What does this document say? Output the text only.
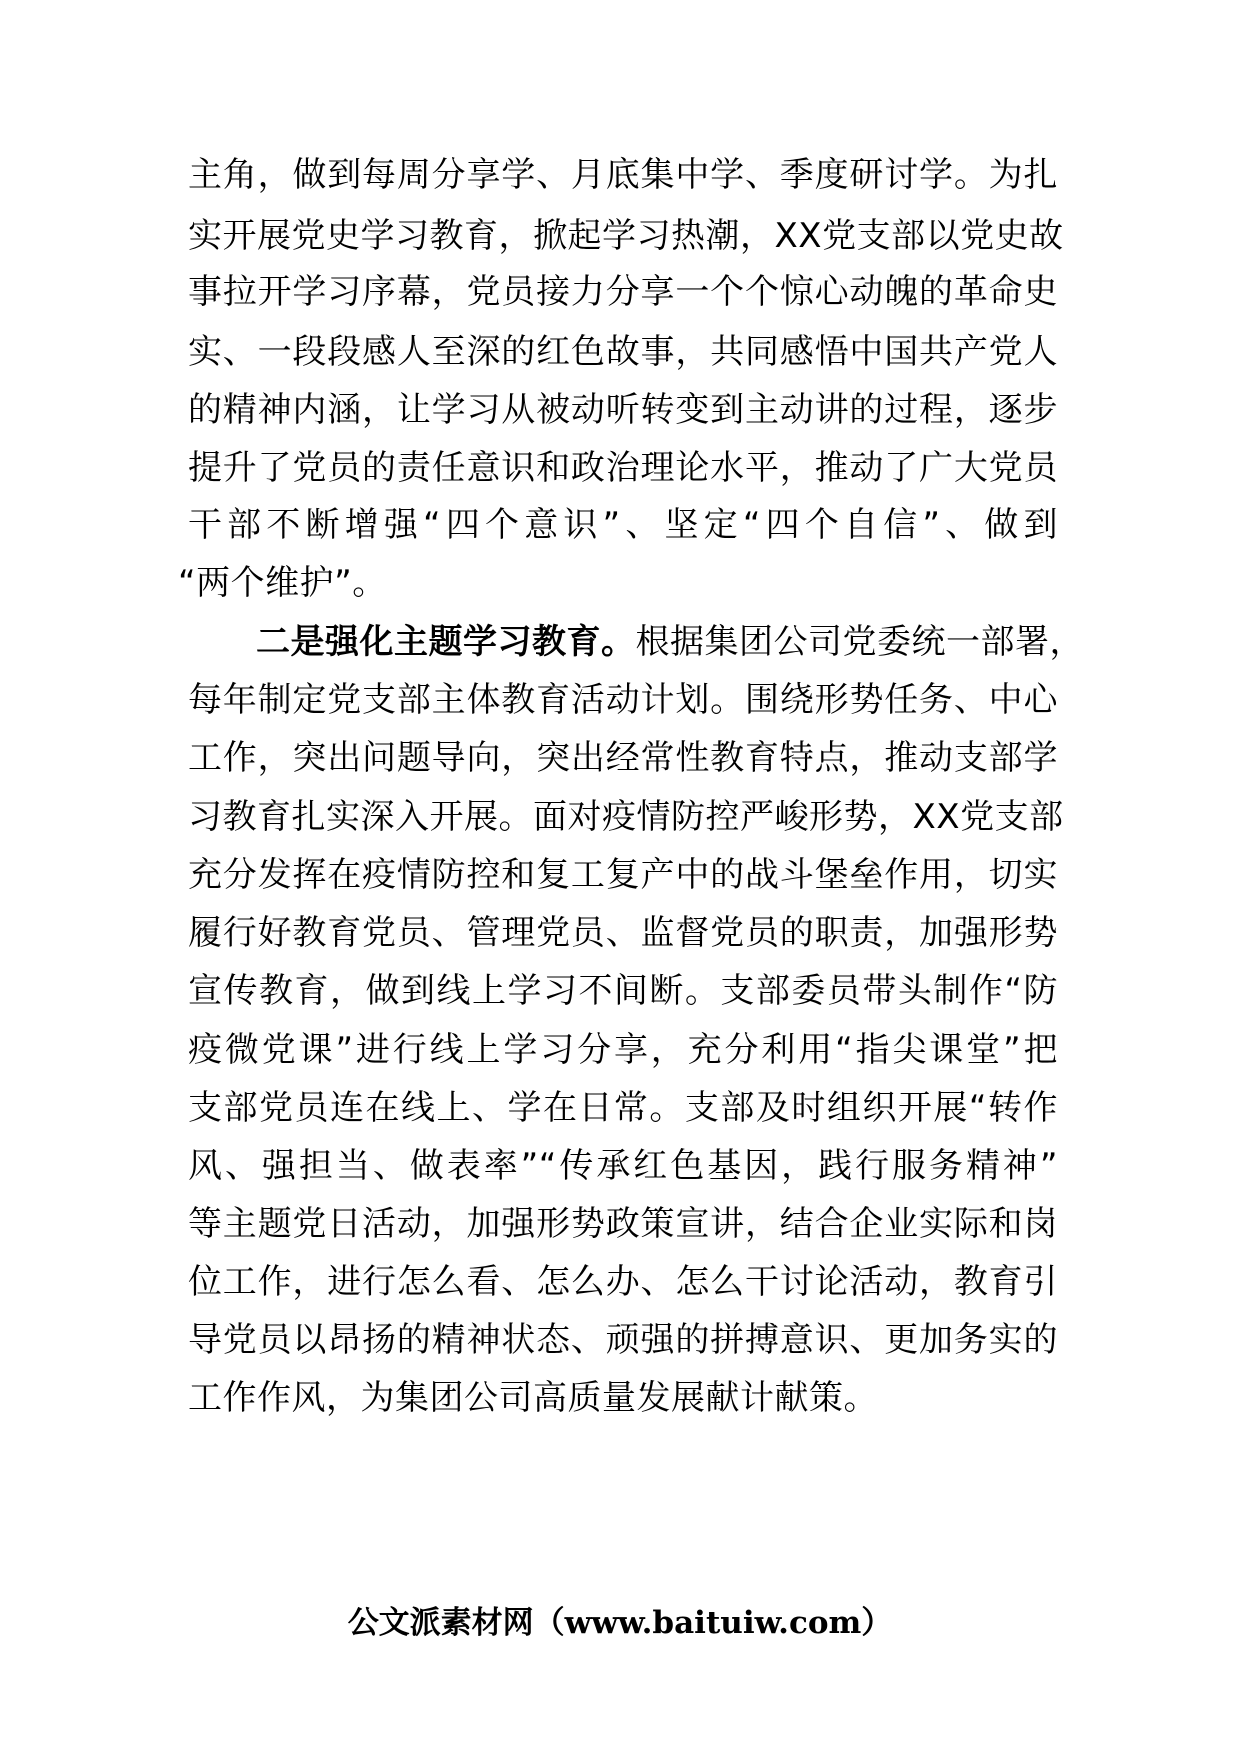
主角，做到每周分享学、月底集中学、季度研讨学。为扎
实开展党史学习教育，掀起学习热潮，XX党支部以党史故
事拉开学习序幕，党员接力分享一个个惊心动魄的革命史
实、一段段感人至深的红色故事，共同感悟中国共产党人
的精神内涵，让学习从被动听转变到主动讲的过程，逐步
提升了党员的责任意识和政治理论水平，推动了广大党员
干部不断增强“四个意识”、坚定“四个自信”、做到
“两个维护”。
二是强化主题学习教育。根据集团公司党委统一部署，
每年制定党支部主体教育活动计划。围绕形势任务、中心
工作，突出问题导向，突出经常性教育特点，推动支部学
习教育扎实深入开展。面对疫情防控严峻形势，XX党支部
充分发挥在疫情防控和复工复产中的战斗堡垒作用，切实
履行好教育党员、管理党员、监督党员的职责，加强形势
宣传教育，做到线上学习不间断。支部委员带头制作“防
疫微党课”进行线上学习分享，充分利用“指尖课堂”把
支部党员连在线上、学在日常。支部及时组织开展“转作
风、强担当、做表率”“传承红色基因，践行服务精神”
等主题党日活动，加强形势政策宣讲，结合企业实际和岗
位工作，进行怎么看、怎么办、怎么干讨论活动，教育引
导党员以昂扬的精神状态、顽强的拼搏意识、更加务实的
工作作风，为集团公司高质量发展献计献策。
公文派素材网（www.baituiw.com）
